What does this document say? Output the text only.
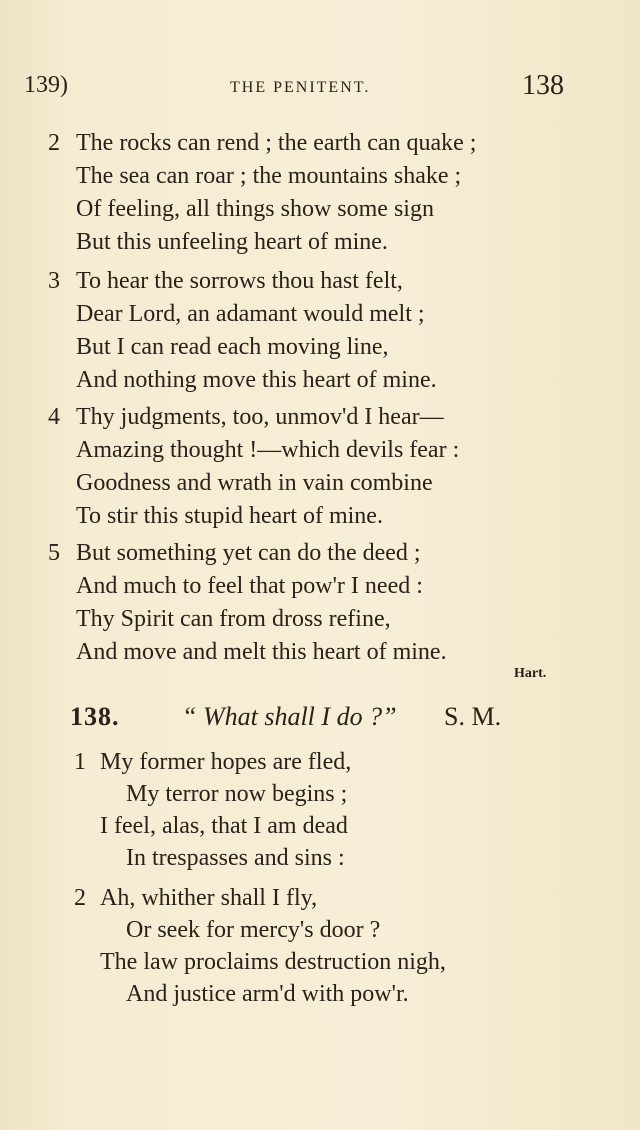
139)	THE PENITENT.	138
2 The rocks can rend ; the earth can quake ;
The sea can roar ; the mountains shake ;
Of feeling, all things show some sign
But this unfeeling heart of mine.
3 To hear the sorrows thou hast felt,
Dear Lord, an adamant would melt ;
But I can read each moving line,
And nothing move this heart of mine.
4 Thy judgments, too, unmov'd I hear—
Amazing thought !—which devils fear :
Goodness and wrath in vain combine
To stir this stupid heart of mine.
5 But something yet can do the deed ;
And much to feel that pow'r I need :
Thy Spirit can from dross refine,
And move and melt this heart of mine.
Hart.
138. “ What shall I do ?” S. M.
1 My former hopes are fled,
My terror now begins ;
I feel, alas, that I am dead
In trespasses and sins :
2 Ah, whither shall I fly,
Or seek for mercy's door ?
The law proclaims destruction nigh,
And justice arm'd with pow'r.
